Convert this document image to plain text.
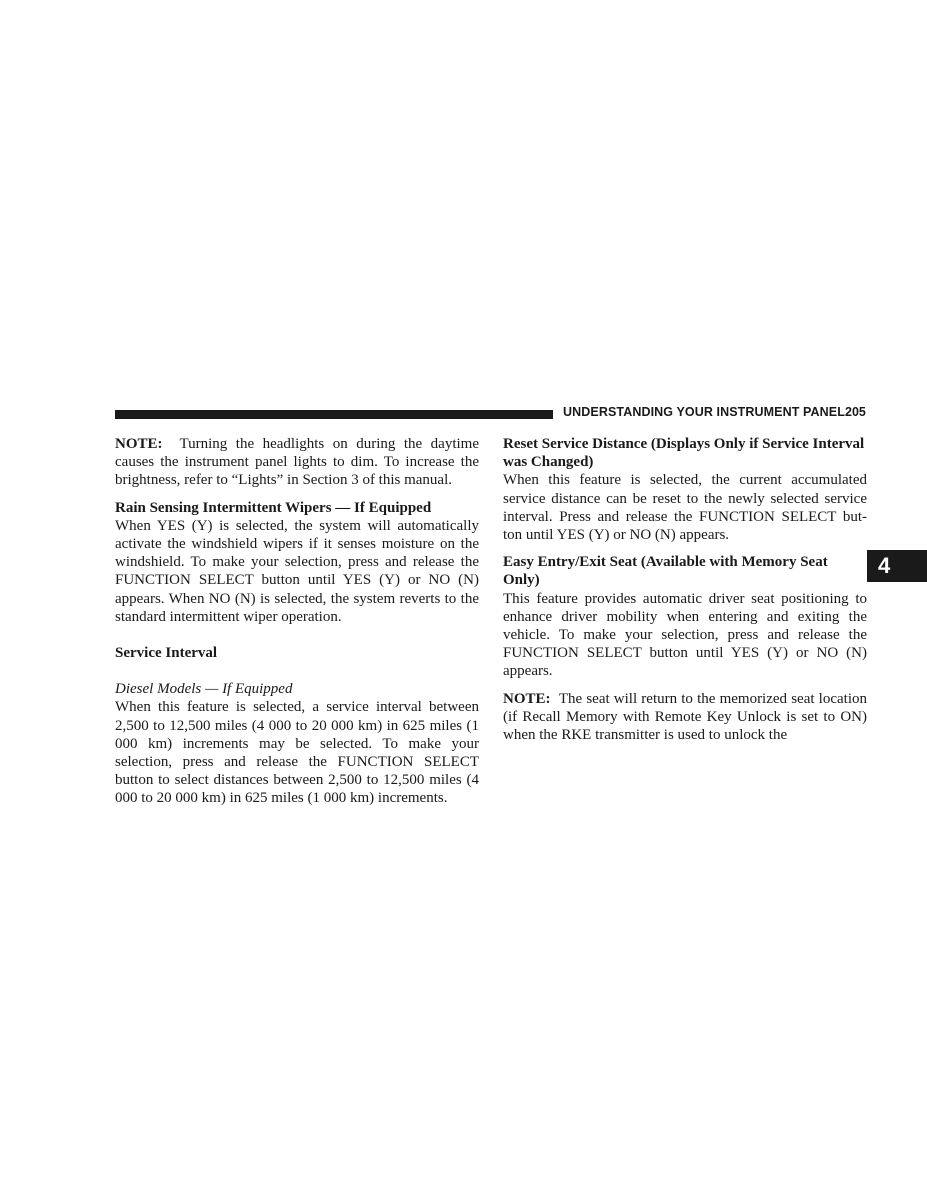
UNDERSTANDING YOUR INSTRUMENT PANEL 205
4

NOTE: Turning the headlights on during the daytime causes the instrument panel lights to dim. To increase the brightness, refer to “Lights” in Section 3 of this manual.

Rain Sensing Intermittent Wipers — If Equipped

When YES (Y) is selected, the system will automatically activate the windshield wipers if it senses moisture on the windshield. To make your selection, press and release the FUNCTION SELECT button until YES (Y) or NO (N) appears. When NO (N) is selected, the system reverts to the standard intermittent wiper operation.

Service Interval

Diesel Models — If Equipped

When this feature is selected, a service interval between 2,500 to 12,500 miles (4 000 to 20 000 km) in 625 miles (1 000 km) increments may be selected. To make your selection, press and release the FUNCTION SELECT button to select distances between 2,500 to 12,500 miles (4 000 to 20 000 km) in 625 miles (1 000 km) increments.

Reset Service Distance (Displays Only if Service Interval was Changed)

When this feature is selected, the current accumulated service distance can be reset to the newly selected service interval. Press and release the FUNCTION SELECT but- ton until YES (Y) or NO (N) appears.

Easy Entry/Exit Seat (Available with Memory Seat Only)

This feature provides automatic driver seat positioning to enhance driver mobility when entering and exiting the vehicle. To make your selection, press and release the FUNCTION SELECT button until YES (Y) or NO (N) appears.

NOTE: The seat will return to the memorized seat location (if Recall Memory with Remote Key Unlock is set to ON) when the RKE transmitter is used to unlock the
